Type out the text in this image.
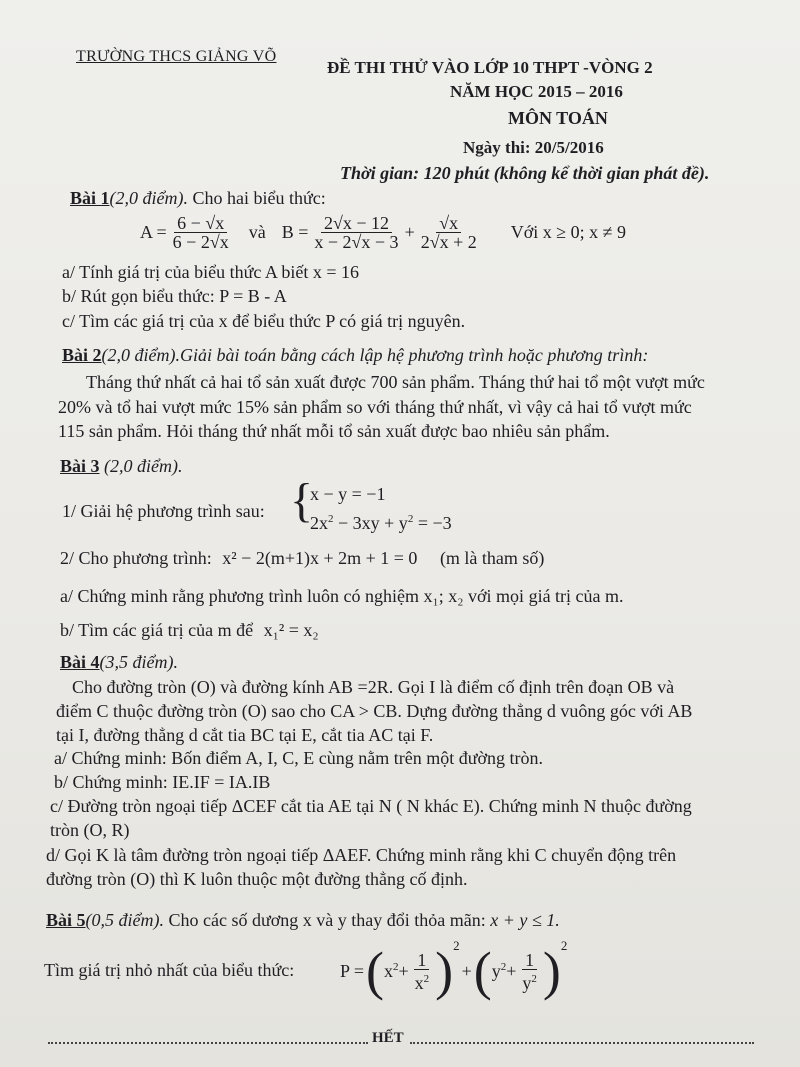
TRƯỜNG THCS GIẢNG VÕ
ĐỀ THI THỬ VÀO LỚP 10 THPT -VÒNG 2
NĂM HỌC 2015 – 2016
MÔN TOÁN
Ngày thi: 20/5/2016
Thời gian: 120 phút (không kể thời gian phát đề).
Bài 1(2,0 điểm). Cho hai biểu thức:
$A = \frac{6 - √x}{6 - 2√x}$ và $B = \frac{2√x - 12}{x - 2√x - 3} + \frac{√x}{2√x + 2}$ Với x ≥ 0; x ≠ 9
a/ Tính giá trị của biểu thức A biết x = 16
b/ Rút gọn biểu thức: P = B - A
c/ Tìm các giá trị của x để biểu thức P có giá trị nguyên.
Bài 2(2,0 điểm).Giải bài toán bằng cách lập hệ phương trình hoặc phương trình:
Tháng thứ nhất cả hai tổ sản xuất được 700 sản phẩm. Tháng thứ hai tổ một vượt mức
20% và tổ hai vượt mức 15% sản phẩm so với tháng thứ nhất, vì vậy cả hai tổ vượt mức
115 sản phẩm. Hỏi tháng thứ nhất mỗi tổ sản xuất được bao nhiêu sản phẩm.
Bài 3 (2,0 điểm).
1/ Giải hệ phương trình sau: {
x − y = −1
$2x^2 - 3xy + y^2 = -3$
2/ Cho phương trình: x² − 2(m+1)x + 2m + 1 = 0 (m là tham số)
a/ Chứng minh rằng phương trình luôn có nghiệm x₁; x₂ với mọi giá trị của m.
b/ Tìm các giá trị của m để x₁² = x₂
Bài 4(3,5 điểm).
Cho đường tròn (O) và đường kính AB =2R. Gọi I là điểm cố định trên đoạn OB và
điểm C thuộc đường tròn (O) sao cho CA > CB. Dựng đường thẳng d vuông góc với AB
tại I, đường thẳng d cắt tia BC tại E, cắt tia AC tại F.
a/ Chứng minh: Bốn điểm A, I, C, E cùng nằm trên một đường tròn.
b/ Chứng minh: IE.IF = IA.IB
c/ Đường tròn ngoại tiếp ΔCEF cắt tia AE tại N ( N khác E). Chứng minh N thuộc đường
tròn (O, R)
d/ Gọi K là tâm đường tròn ngoại tiếp ΔAEF. Chứng minh rằng khi C chuyển động trên
đường tròn (O) thì K luôn thuộc một đường thẳng cố định.
Bài 5(0,5 điểm). Cho các số dương x và y thay đổi thỏa mãn: x + y ≤ 1.
Tìm giá trị nhỏ nhất của biểu thức:	P = ( $x^2+ \frac{1}{x^2} )^2$
+ ( $y^2+ \frac{1}{y^2} )^2$
HẾT
